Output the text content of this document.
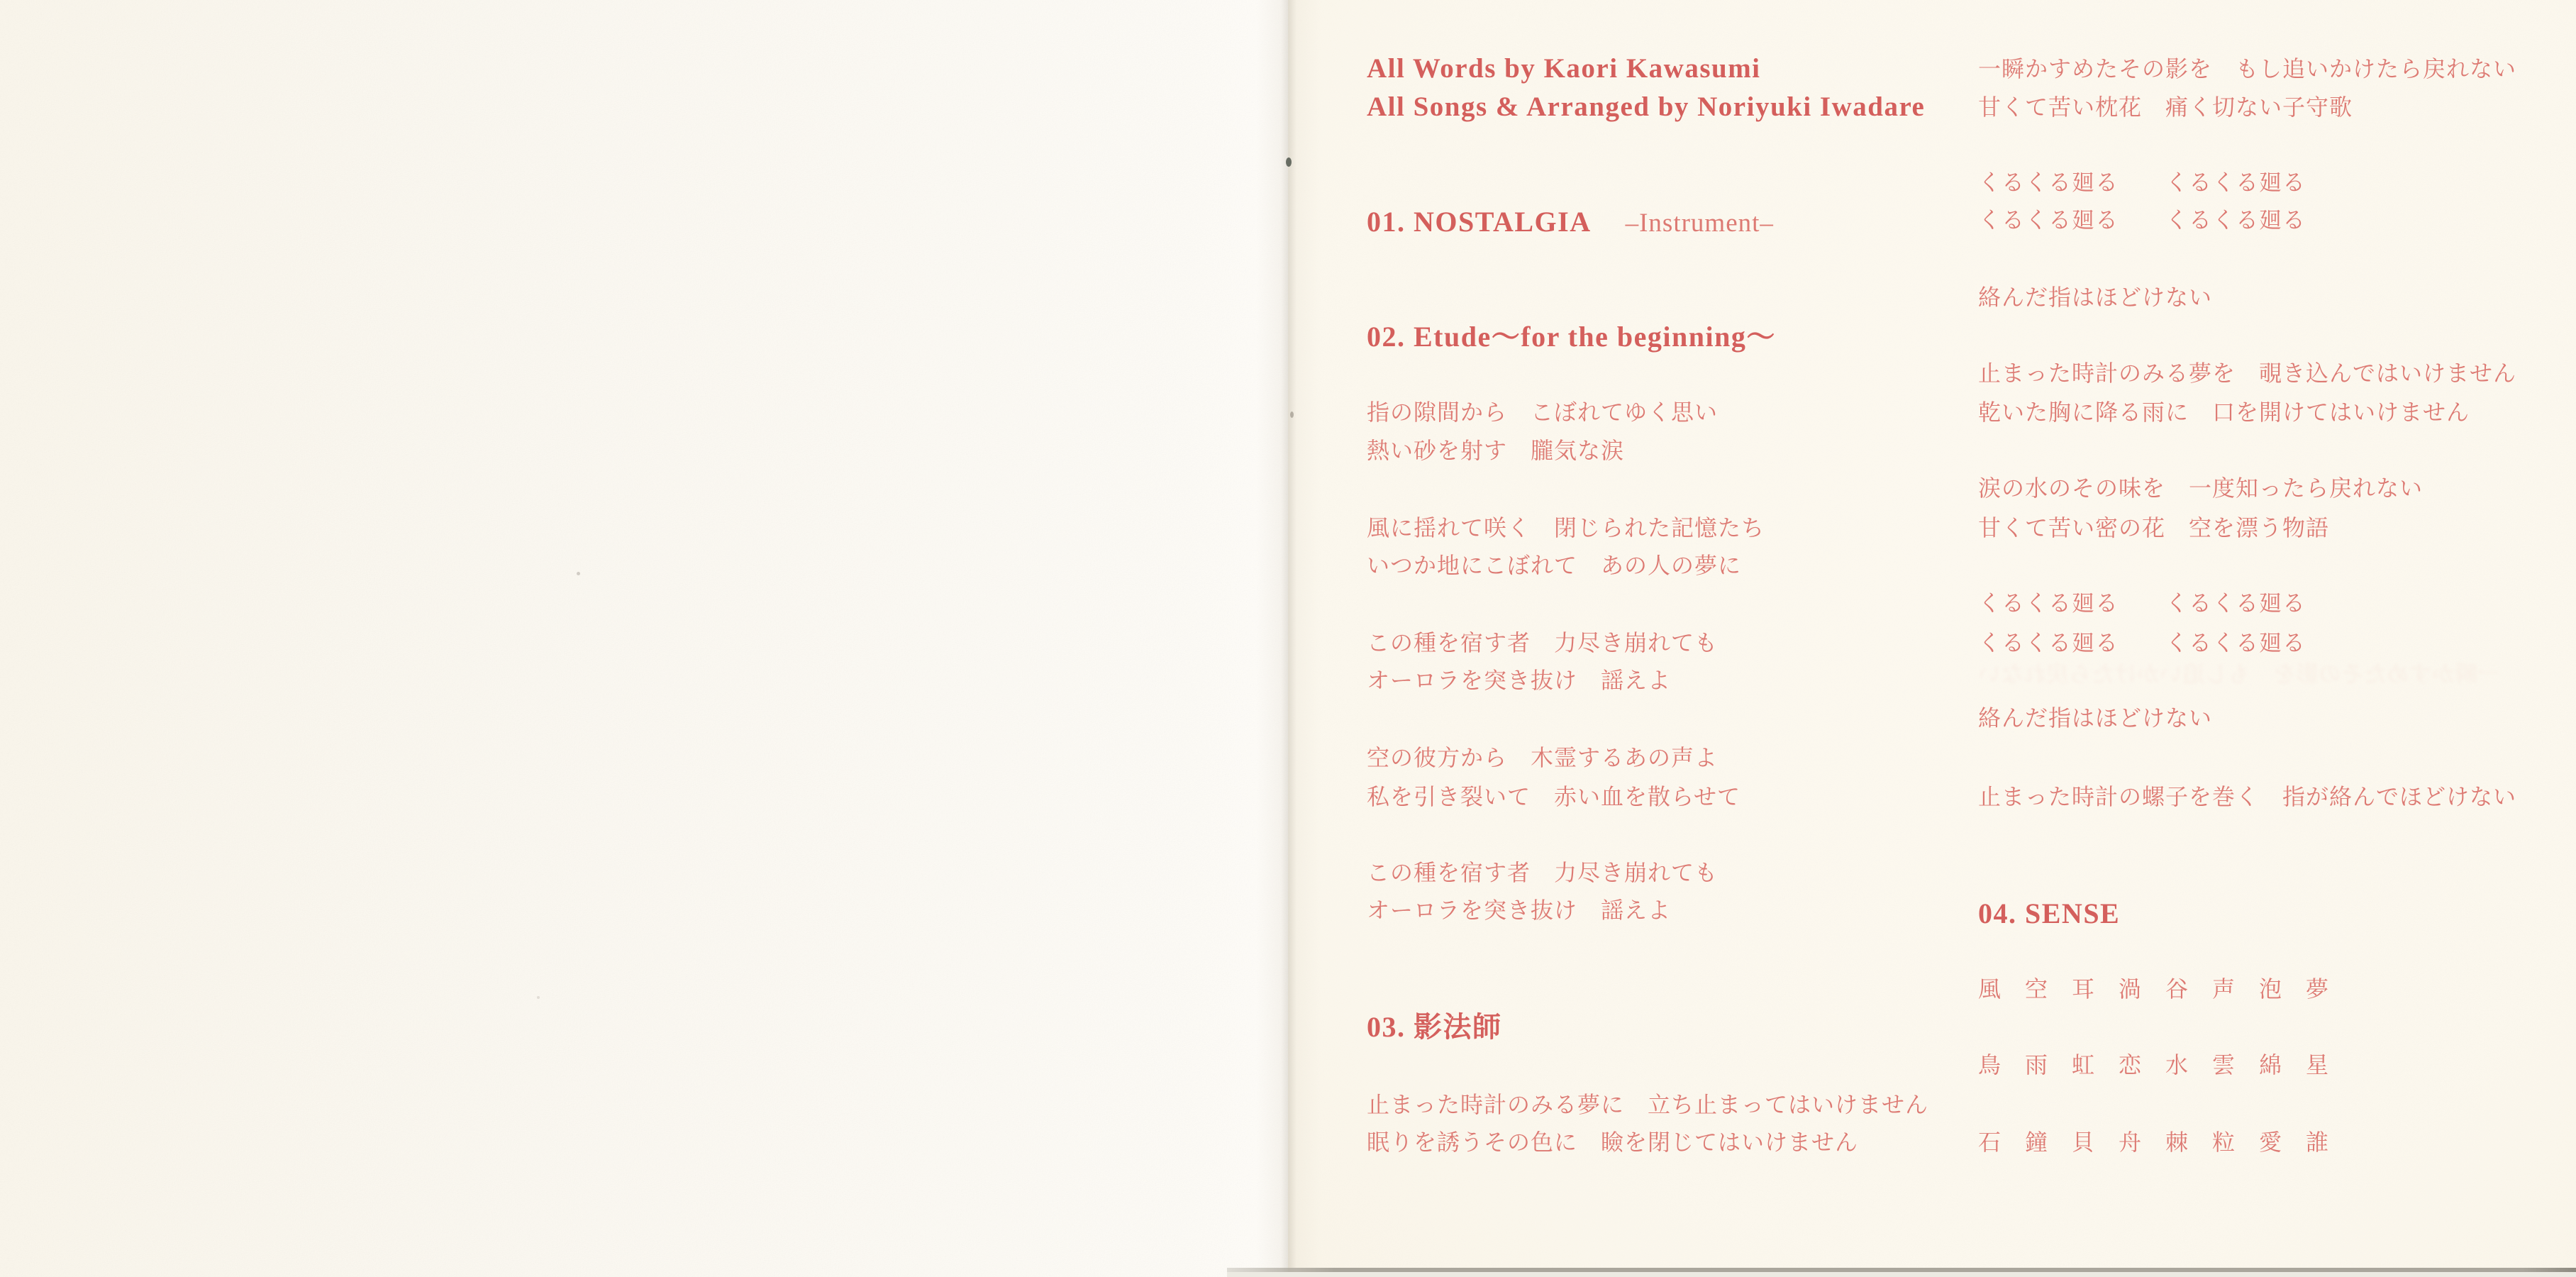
All Words by Kaori Kawasumi
All Songs & Arranged by Noriyuki Iwadare
01. NOSTALGIA –Instrument–
02. Etude～for the beginning～
指の隙間から　こぼれてゆく思い
熱い砂を射す　朧気な涙
風に揺れて咲く　閉じられた記憶たち
いつか地にこぼれて　あの人の夢に
この種を宿す者　力尽き崩れても
オーロラを突き抜け　謡えよ
空の彼方から　木霊するあの声よ
私を引き裂いて　赤い血を散らせて
この種を宿す者　力尽き崩れても
オーロラを突き抜け　謡えよ
03. 影法師
止まった時計のみる夢に　立ち止まってはいけません
眠りを誘うその色に　瞼を閉じてはいけません
一瞬かすめたその影を　もし追いかけたら戻れない
甘くて苦い枕花　痛く切ない子守歌
くるくる廻る　　くるくる廻る
くるくる廻る　　くるくる廻る
絡んだ指はほどけない
止まった時計のみる夢を　覗き込んではいけません
乾いた胸に降る雨に　口を開けてはいけません
涙の水のその味を　一度知ったら戻れない
甘くて苦い密の花　空を漂う物語
くるくる廻る　　くるくる廻る
くるくる廻る　　くるくる廻る
一瞬かすめたその影を　もし追いかけたら戻れない
絡んだ指はほどけない
止まった時計の螺子を巻く　指が絡んでほどけない
04. SENSE
風　空　耳　渦　谷　声　泡　夢
鳥　雨　虹　恋　水　雲　綿　星
石　鐘　貝　舟　棘　粒　愛　誰
